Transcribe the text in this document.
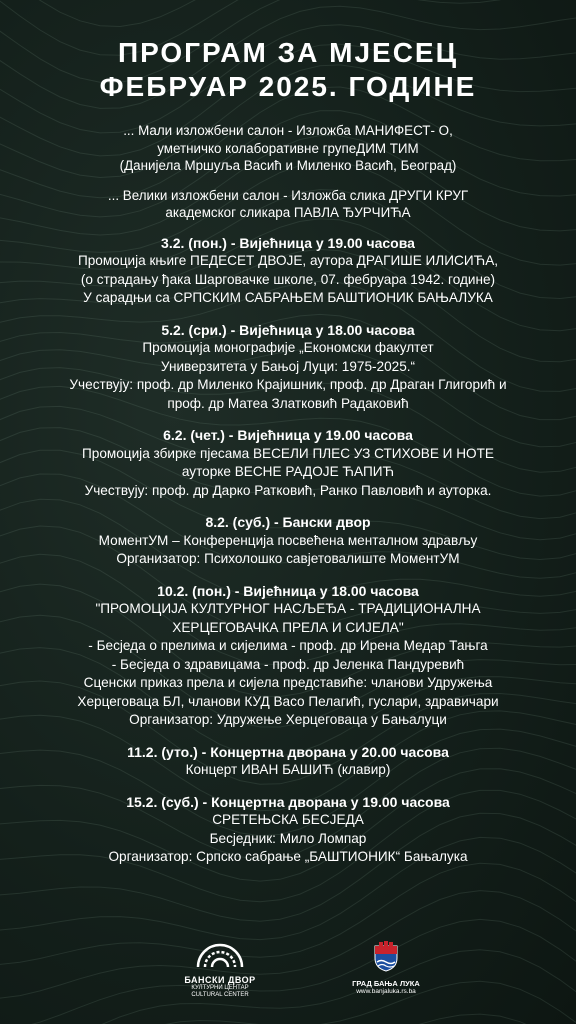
ПРОГРАМ ЗА МЈЕСЕЦ
ФЕБРУАР 2025. ГОДИНЕ

... Мали изложбени салон - Изложба МАНИФЕСТ- О,
уметничко колаборативне групеДИМ ТИМ
(Данијела Мршуља Васић и Миленко Васић, Београд)

... Велики изложбени салон - Изложба слика ДРУГИ КРУГ
академског сликара ПАВЛА ЂУРЧИЋА

3.2. (пон.) - Вијећница у 19.00 часова
Промоција књиге ПЕДЕСЕТ ДВОЈЕ, аутора ДРАГИШЕ ИЛИСИЋА,
(о страдању ђака Шарговачке школе, 07. фебруара 1942. године)
У сарадњи са СРПСКИМ САБРАЊЕМ БАШТИОНИК БАЊАЛУКА
5.2. (сри.) - Вијећница у 18.00 часова
Промоција монографије „Економски факултет
Универзитета у Бањој Луци: 1975-2025.“
Учествују: проф. др Миленко Крајишник, проф. др Драган Глигорић и
проф. др Матеа Златковић Радаковић
6.2. (чет.) - Вијећница у 19.00 часова
Промоција збирке пјесама ВЕСЕЛИ ПЛЕС УЗ СТИХОВЕ И НОТЕ
ауторке ВЕСНЕ РАДОЈЕ ЋАПИЋ
Учествују: проф. др Дарко Ратковић, Ранко Павловић и ауторка.
8.2. (суб.) - Бански двор
МоментУМ – Конференција посвећена менталном здрављу
Организатор: Психолошко савјетовалиште МоментУМ
10.2. (пон.) - Вијећница у 18.00 часова
"ПРОМОЦИЈА КУЛТУРНОГ НАСЉЕЂА - ТРАДИЦИОНАЛНА
ХЕРЦЕГОВАЧКА ПРЕЛА И СИЈЕЛА"
- Бесједа о прелима и сијелима - проф. др Ирена Медар Тањга
- Бесједа о здравицама - проф. др Јеленка Пандуревић
Сценски приказ прела и сијела представиће: чланови Удружења
Херцеговаца БЛ, чланови КУД Васо Пелагић, гуслари, здравичари
Организатор: Удружење Херцеговаца у Бањалуци
11.2. (уто.) - Концертна дворана у 20.00 часова
Концерт ИВАН БАШИЋ (клавир)
15.2. (суб.) - Концертна дворана у 19.00 часова
СРЕТЕЊСКА БЕСЈЕДА
Бесједник: Мило Ломпар
Организатор: Српско сабрање „БАШТИОНИК“ Бањалука
БАНСКИ ДВОР
КУЛТУРНИ ЦЕНТАР
CULTURAL CENTER
ГРАД БАЊА ЛУКА
www.banjaluka.rs.ba
